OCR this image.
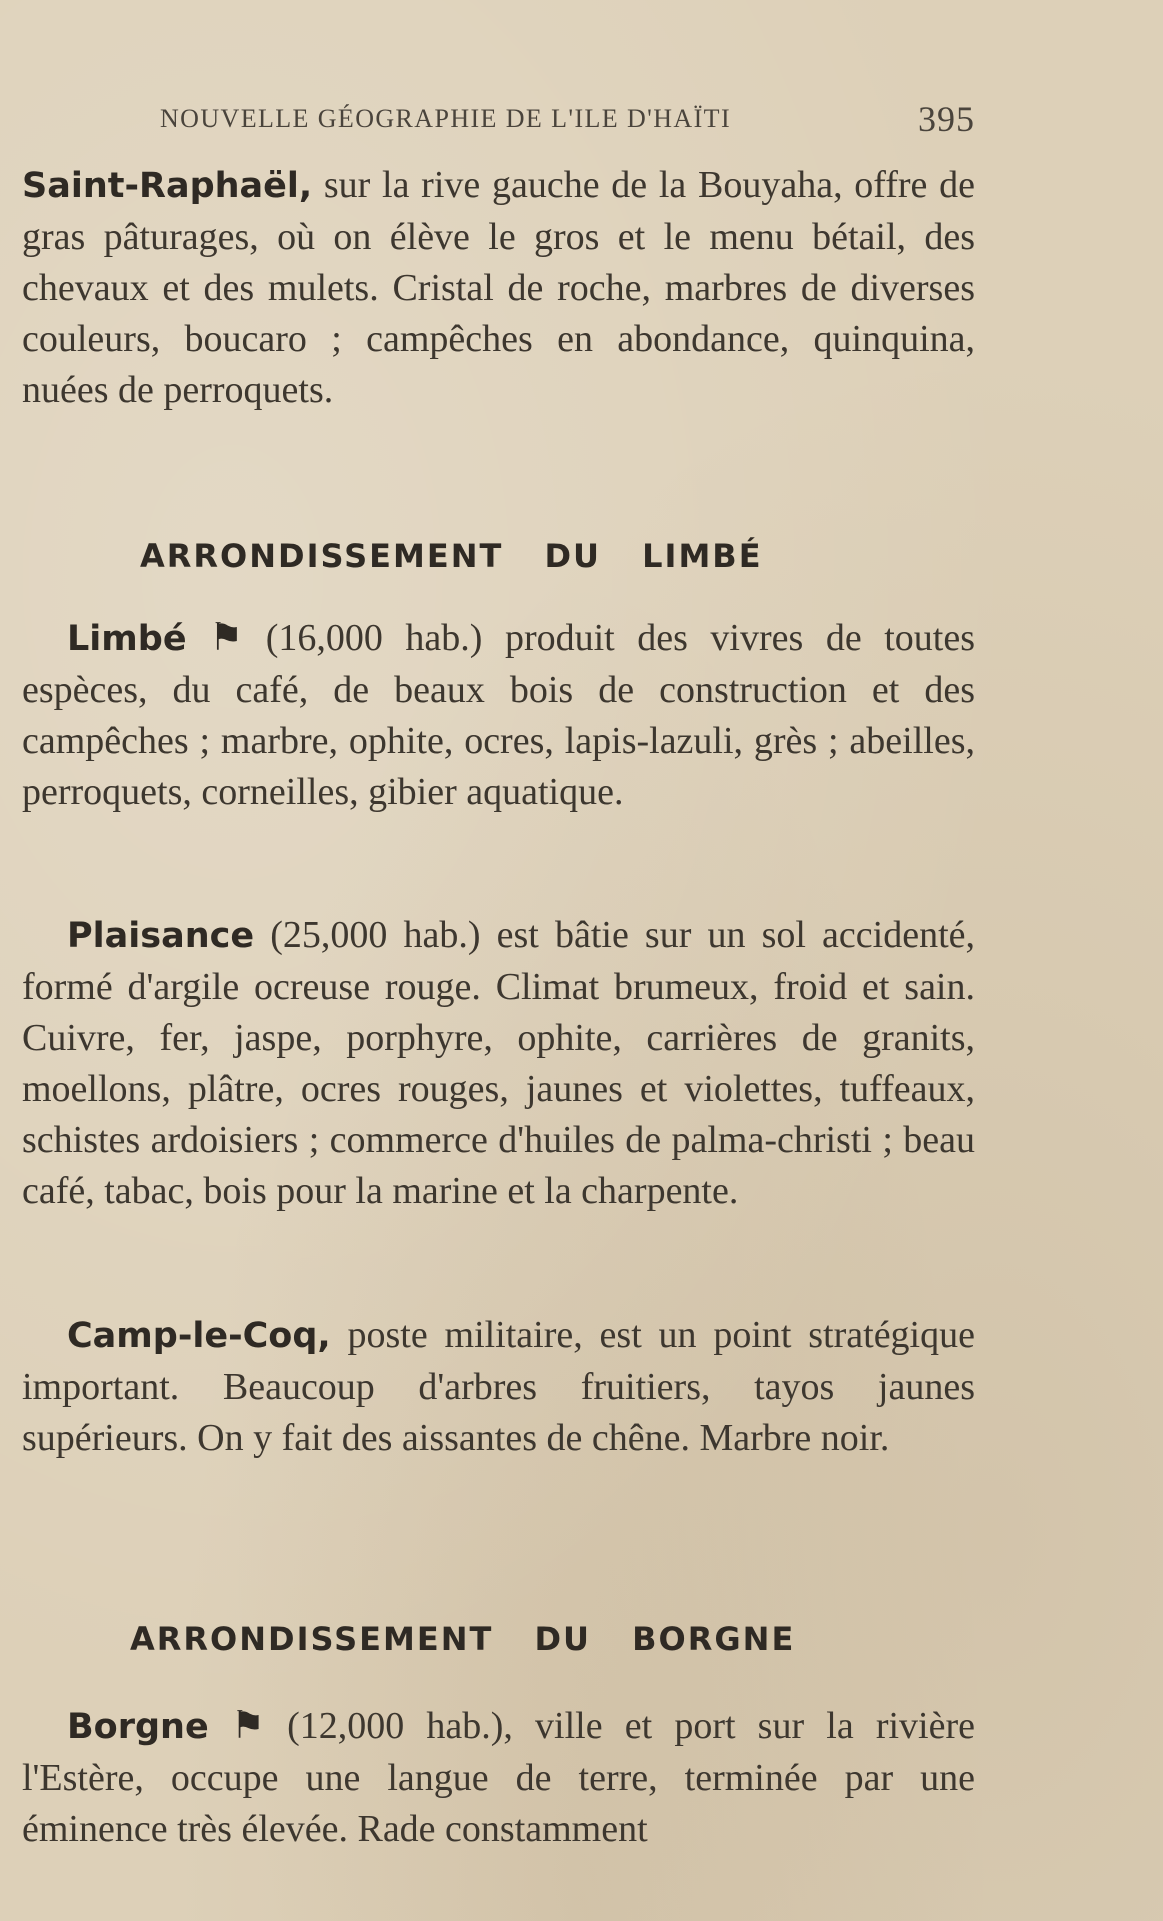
NOUVELLE GÉOGRAPHIE DE L'ILE D'HAÏTI	395

Saint-Raphaël, sur la rive gauche de la Bouyaha, offre de gras pâturages, où on élève le gros et le menu bétail, des chevaux et des mulets. Cristal de roche, marbres de diverses couleurs, boucaro ; campêches en abondance, quinquina, nuées de perroquets.

ARRONDISSEMENT DU LIMBÉ

Limbé ⚑ (16,000 hab.) produit des vivres de toutes espèces, du café, de beaux bois de construction et des campêches ; marbre, ophite, ocres, lapis-lazuli, grès ; abeilles, perroquets, corneilles, gibier aquatique.

Plaisance (25,000 hab.) est bâtie sur un sol accidenté, formé d'argile ocreuse rouge. Climat brumeux, froid et sain. Cuivre, fer, jaspe, porphyre, ophite, carrières de granits, moellons, plâtre, ocres rouges, jaunes et violettes, tuffeaux, schistes ardoisiers ; commerce d'huiles de palma-christi ; beau café, tabac, bois pour la marine et la charpente.

Camp-le-Coq, poste militaire, est un point stratégique important. Beaucoup d'arbres fruitiers, tayos jaunes supérieurs. On y fait des aissantes de chêne. Marbre noir.

ARRONDISSEMENT DU BORGNE

Borgne ⚑ (12,000 hab.), ville et port sur la rivière l'Estère, occupe une langue de terre, terminée par une éminence très élevée. Rade constamment
